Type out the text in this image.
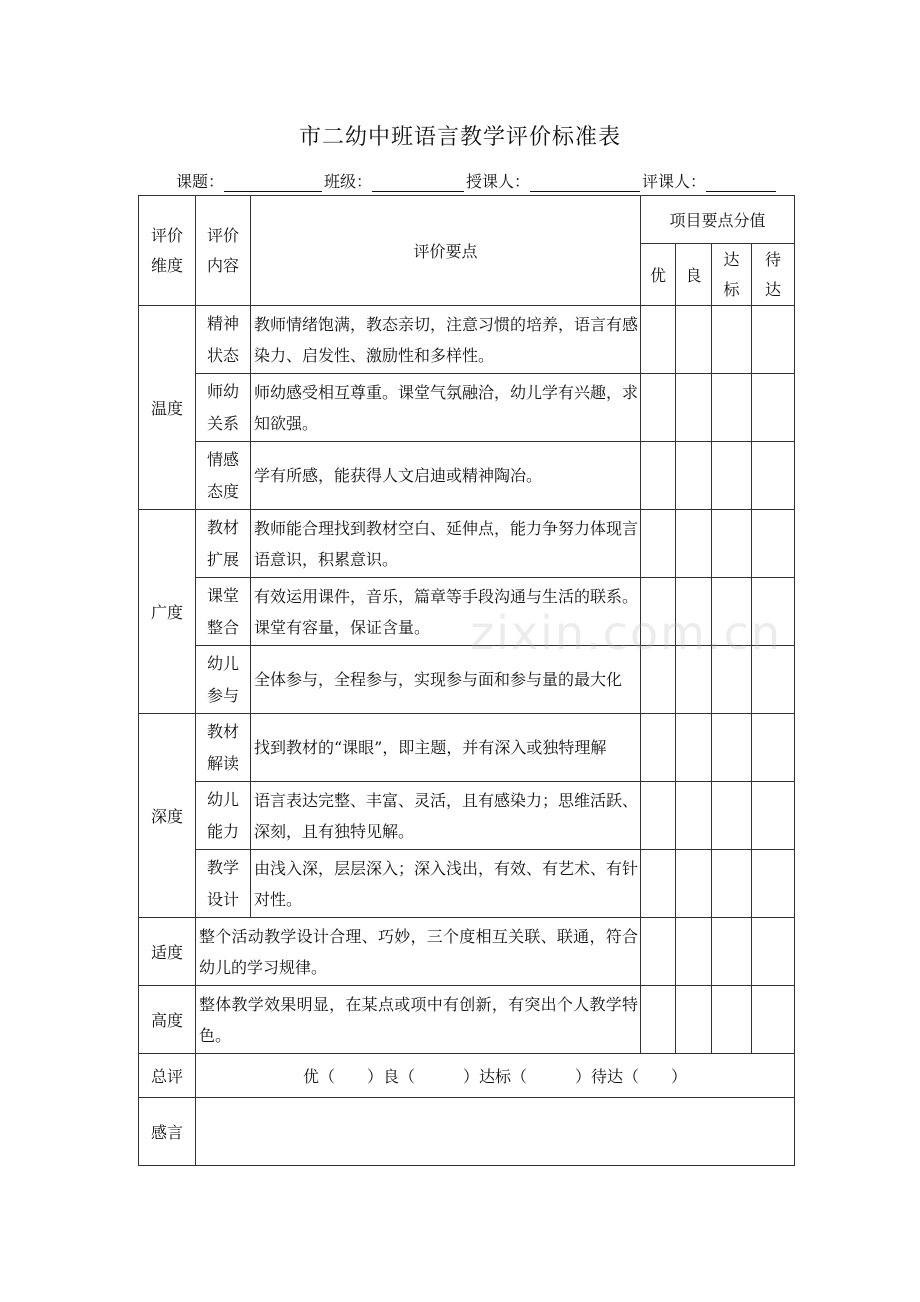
市二幼中班语言教学评价标准表
课题：	班级：	授课人：	评课人：
评价维度	评价内容	评价要点	项目要点分值			
			优	良	达标	待达

温度	精神状态	教师情绪饱满，教态亲切，注意习惯的培养，语言有感染力、启发性、激励性和多样性。				

	师幼关系	师幼感受相互尊重。课堂气氛融洽，幼儿学有兴趣，求知欲强。				

	情感态度	学有所感，能获得人文启迪或精神陶冶。				
广度	教材扩展	教师能合理找到教材空白、延伸点，能力争努力体现言语意识，积累意识。				

	课堂整合	有效运用课件，音乐，篇章等手段沟通与生活的联系。课堂有容量，保证含量。				

	幼儿参与	全体参与，全程参与，实现参与面和参与量的最大化				
深度	教材解读	找到教材的“课眼”，即主题，并有深入或独特理解				

	幼儿能力	语言表达完整、丰富、灵活，且有感染力；思维活跃、深刻，且有独特见解。				

	教学设计	由浅入深，层层深入；深入浅出，有效、有艺术、有针对性。				
适度	整个活动教学设计合理、巧妙，三个度相互关联、联通，符合幼儿的学习规律。					
高度	整体教学效果明显，在某点或项中有创新，有突出个人教学特色。					
总评	优（　　）良（　　　）达标（　　　）待达（　　）					
感言						
zixin.com.cn
